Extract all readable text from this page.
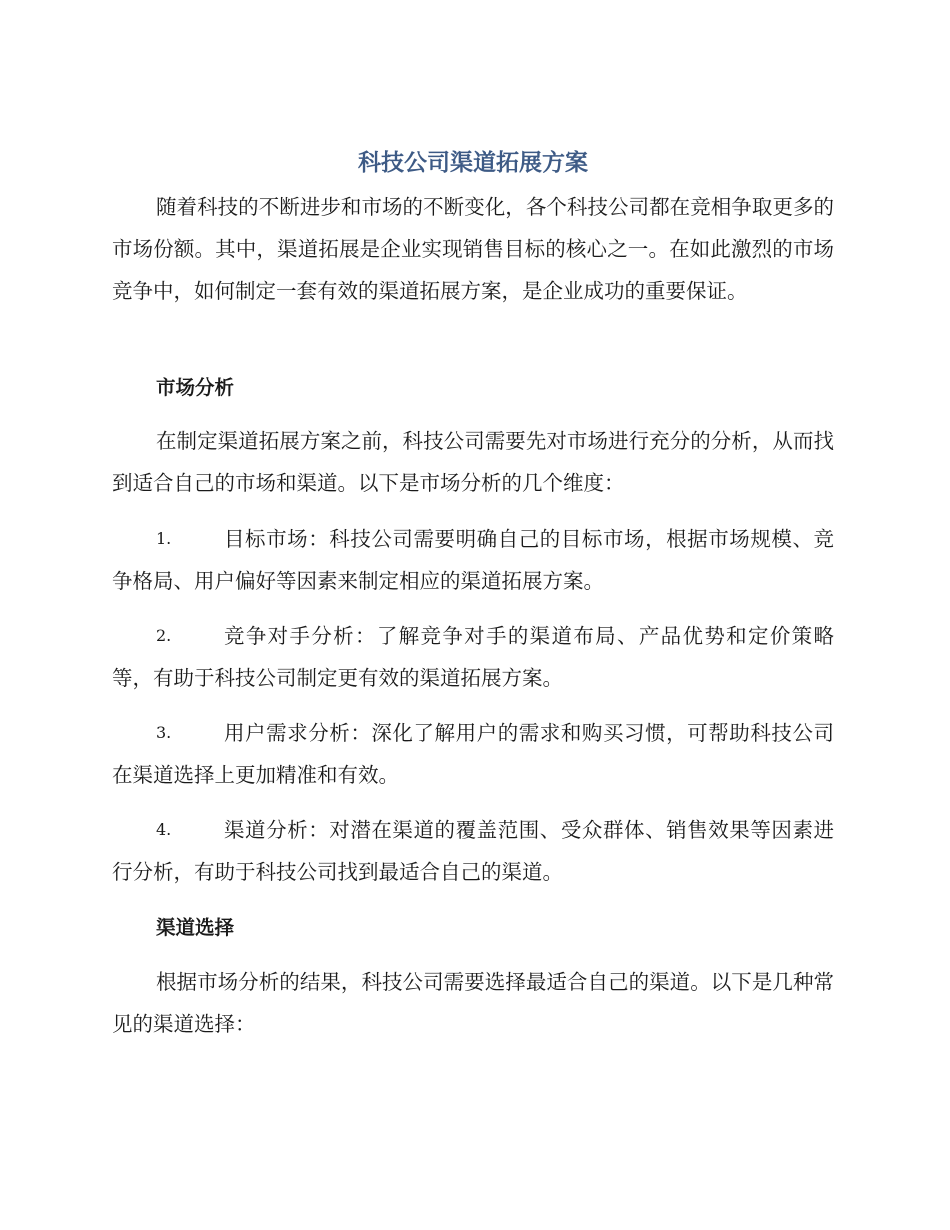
科技公司渠道拓展方案

随着科技的不断进步和市场的不断变化，各个科技公司都在竞相争取更多的市场份额。其中，渠道拓展是企业实现销售目标的核心之一。在如此激烈的市场竞争中，如何制定一套有效的渠道拓展方案，是企业成功的重要保证。

市场分析

在制定渠道拓展方案之前，科技公司需要先对市场进行充分的分析，从而找到适合自己的市场和渠道。以下是市场分析的几个维度：

1.	目标市场：科技公司需要明确自己的目标市场，根据市场规模、竞争格局、用户偏好等因素来制定相应的渠道拓展方案。
2.	竞争对手分析：了解竞争对手的渠道布局、产品优势和定价策略等，有助于科技公司制定更有效的渠道拓展方案。
3.	用户需求分析：深化了解用户的需求和购买习惯，可帮助科技公司在渠道选择上更加精准和有效。
4.	渠道分析：对潜在渠道的覆盖范围、受众群体、销售效果等因素进行分析，有助于科技公司找到最适合自己的渠道。
渠道选择

根据市场分析的结果，科技公司需要选择最适合自己的渠道。以下是几种常见的渠道选择：
